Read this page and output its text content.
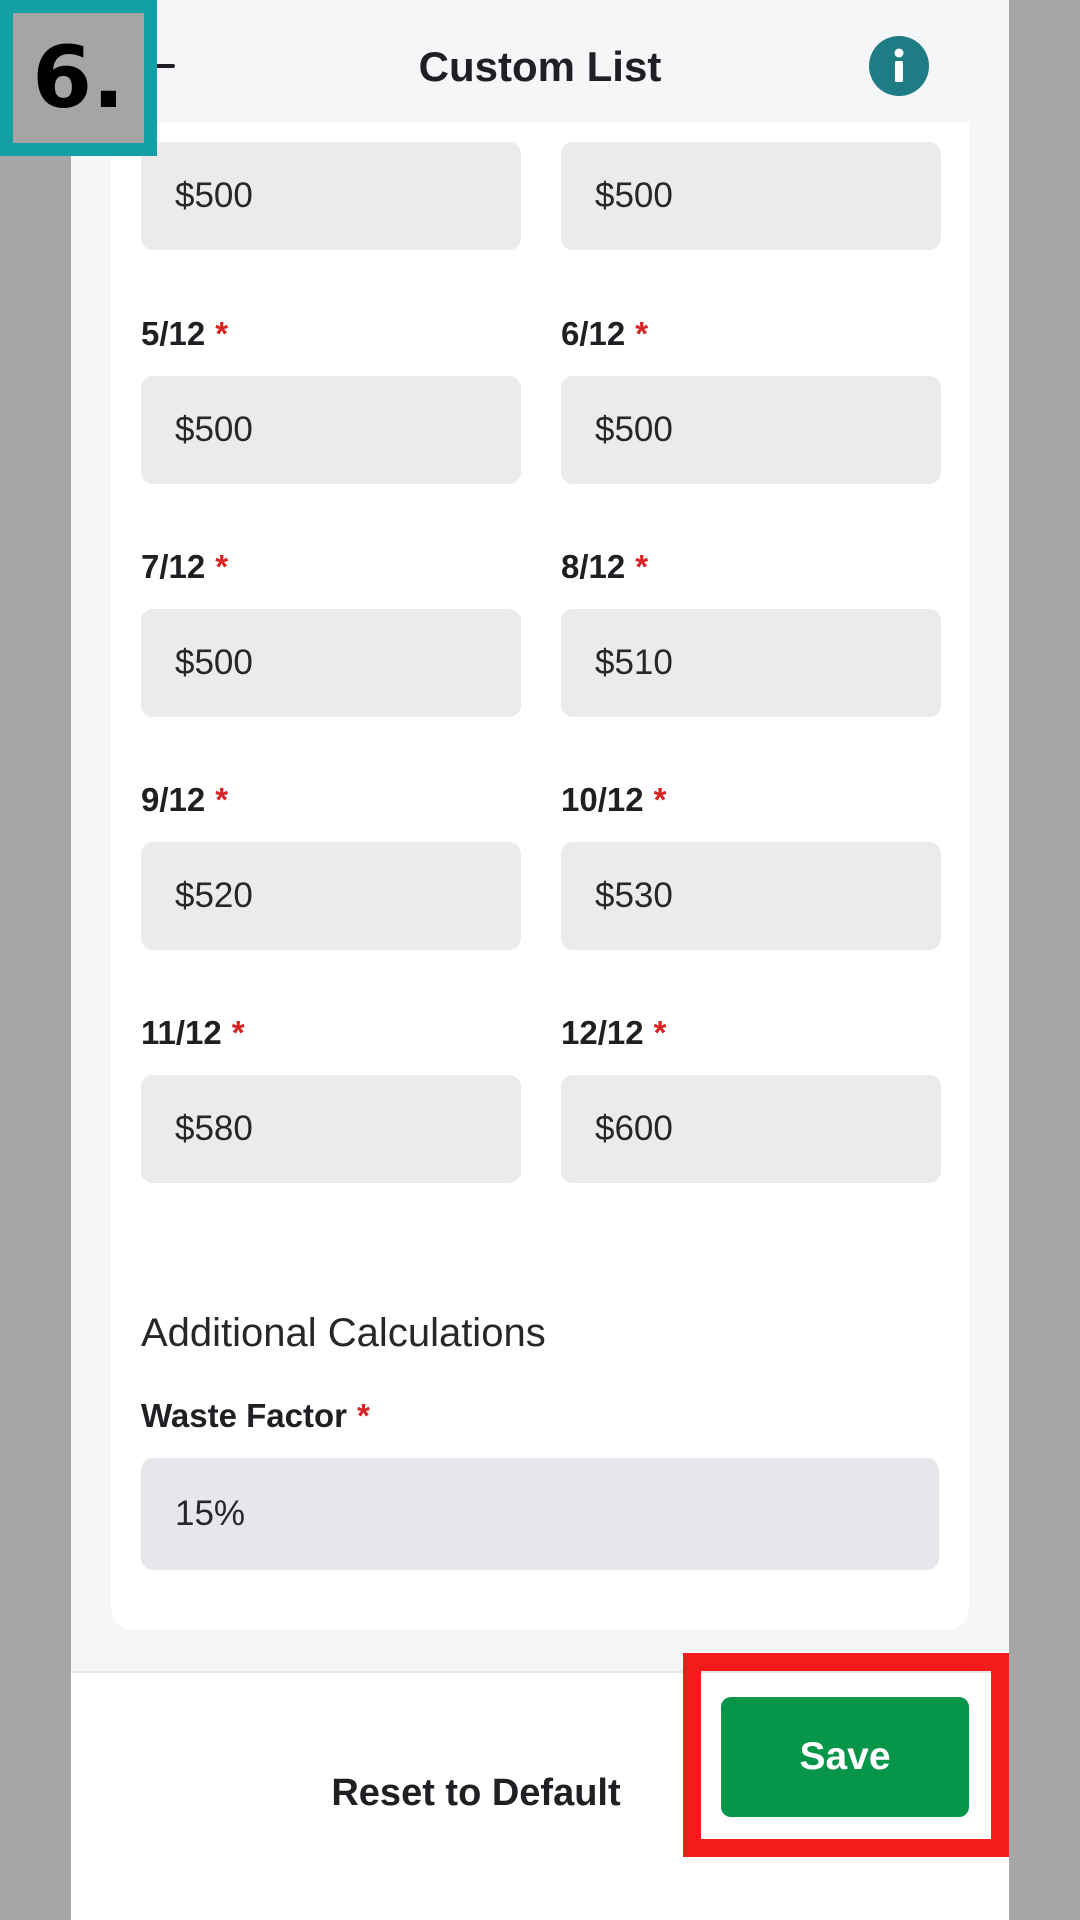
Custom List
$500	$500
5/12 *
$500
6/12 *
$500
7/12 *
$500
8/12 *
$510
9/12 *
$520
10/12 *
$530
11/12 *
$580
12/12 *
$600
Additional Calculations
Waste Factor *
15%
Reset to Default
Save
6.
